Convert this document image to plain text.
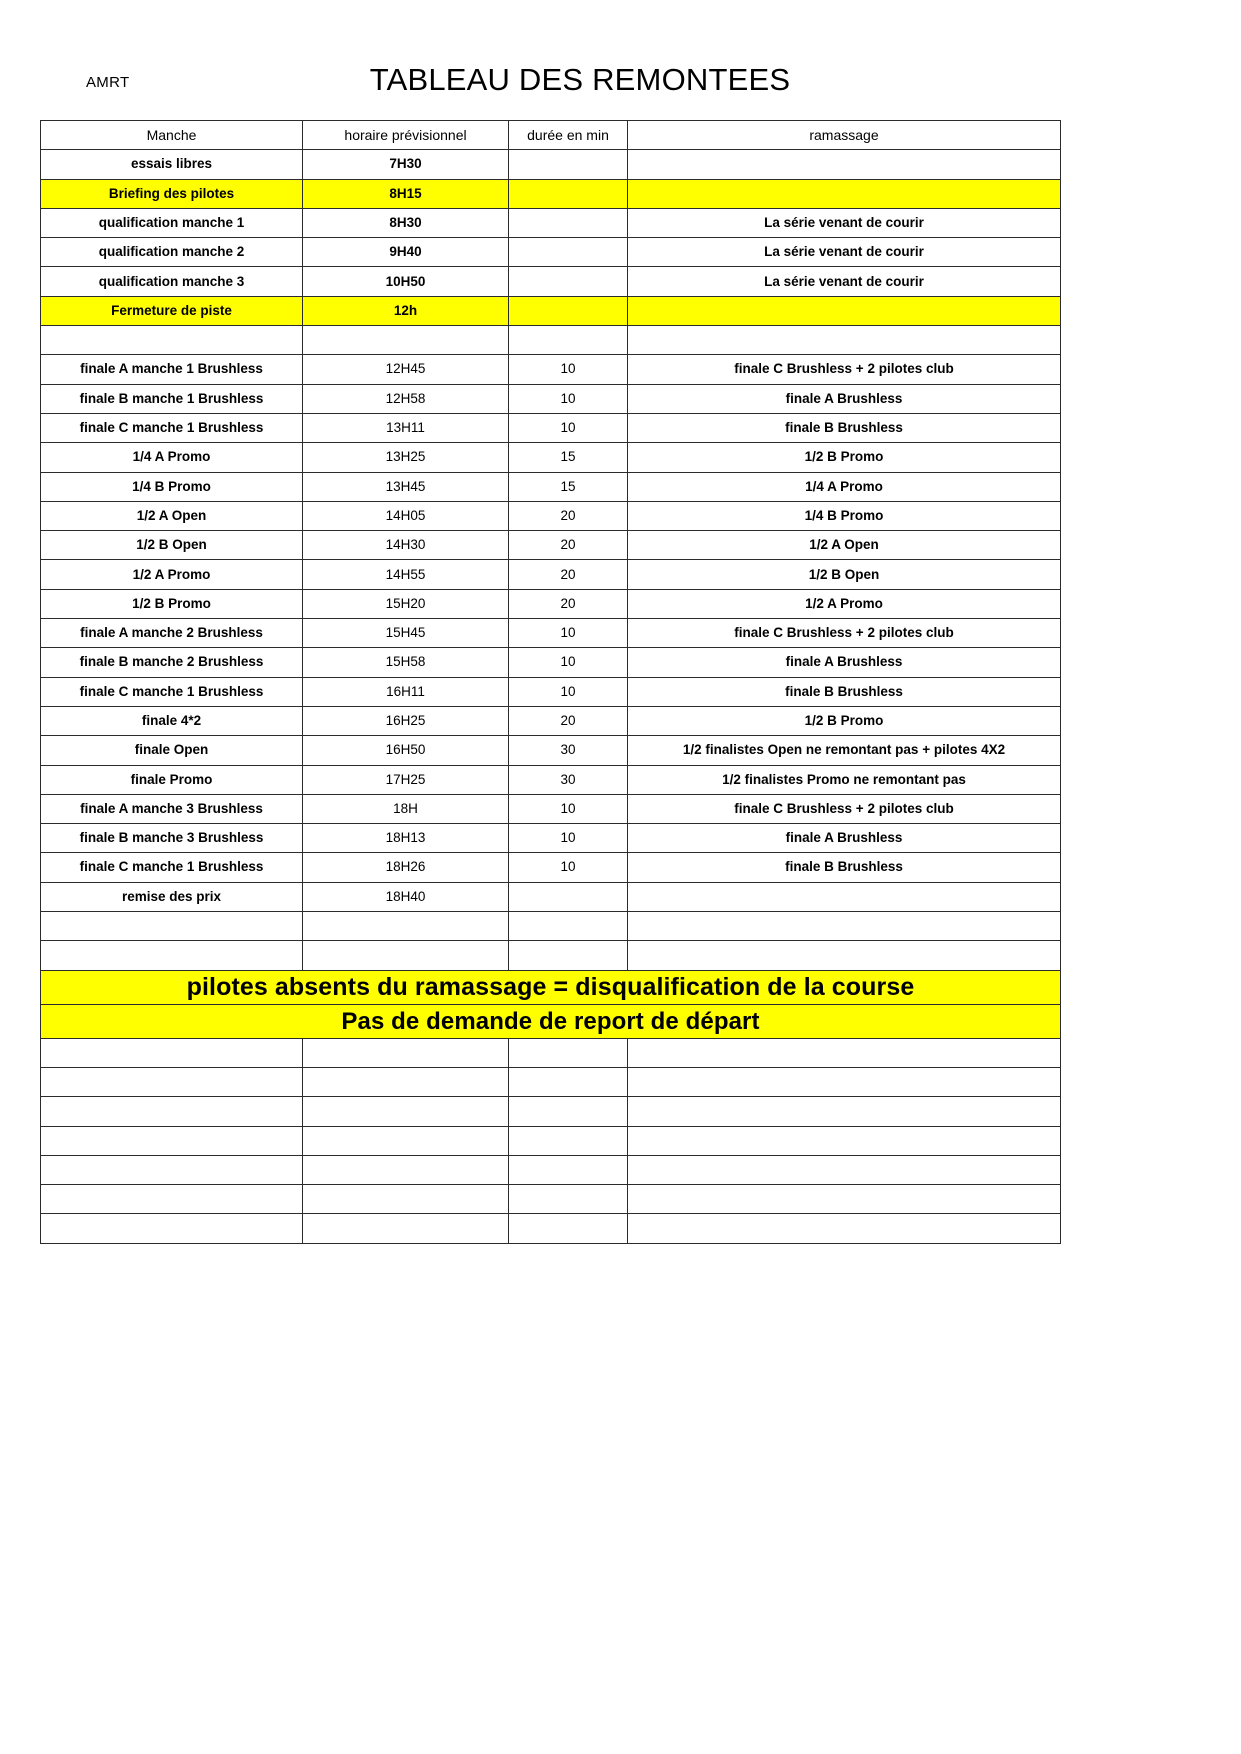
AMRT	TABLEAU DES REMONTEES
Manche	horaire prévisionnel	durée en min	ramassage
essais libres	7H30		
Briefing des pilotes	8H15		
qualification manche 1	8H30		La série venant de courir
qualification manche 2	9H40		La série venant de courir
qualification manche 3	10H50		La série venant de courir
Fermeture de piste	12h		

finale A manche 1 Brushless	12H45	10	finale C Brushless + 2 pilotes club
finale B manche 1 Brushless	12H58	10	finale A Brushless
finale C manche 1 Brushless	13H11	10	finale B Brushless
1/4 A Promo	13H25	15	1/2 B Promo
1/4 B Promo	13H45	15	1/4 A Promo
1/2 A Open	14H05	20	1/4 B Promo
1/2 B Open	14H30	20	1/2 A Open
1/2 A Promo	14H55	20	1/2 B Open
1/2 B Promo	15H20	20	1/2 A Promo
finale A manche 2 Brushless	15H45	10	finale C Brushless + 2 pilotes club
finale B manche 2 Brushless	15H58	10	finale A Brushless
finale C manche 1 Brushless	16H11	10	finale B Brushless
finale 4*2	16H25	20	1/2 B Promo
finale Open	16H50	30	1/2 finalistes Open ne remontant pas + pilotes 4X2
finale Promo	17H25	30	1/2 finalistes Promo ne remontant pas
finale A manche 3 Brushless	18H	10	finale C Brushless + 2 pilotes club
finale B manche 3 Brushless	18H13	10	finale A Brushless
finale C manche 1 Brushless	18H26	10	finale B Brushless
remise des prix	18H40		

pilotes absents du ramassage = disqualification de la course			
Pas de demande de report de départ			
